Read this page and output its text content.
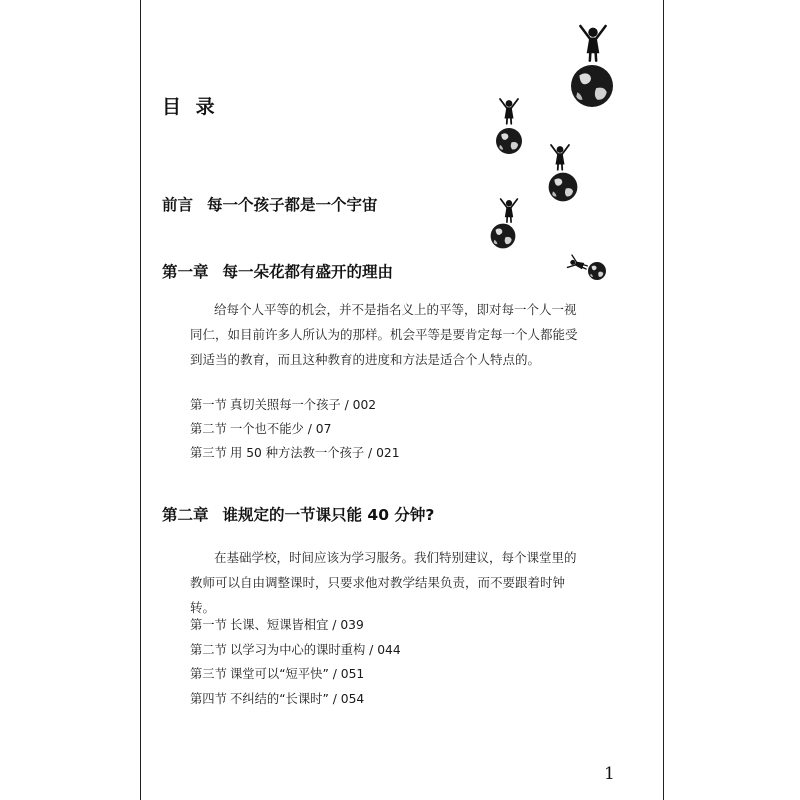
目 录
前言 每一个孩子都是一个宇宙
第一章 每一朵花都有盛开的理由
给每个人平等的机会，并不是指名义上的平等，即对每一个人一视同仁，如目前许多人所认为的那样。机会平等是要肯定每一个人都能受到适当的教育，而且这种教育的进度和方法是适合个人特点的。
第一节 真切关照每一个孩子 / 002
第二节 一个也不能少 / 07
第三节 用 50 种方法教一个孩子 / 021
第二章 谁规定的一节课只能 40 分钟?
在基础学校，时间应该为学习服务。我们特别建议，每个课堂里的教师可以自由调整课时，只要求他对教学结果负责，而不要跟着时钟转。
第一节 长课、短课皆相宜 / 039
第二节 以学习为中心的课时重构 / 044
第三节 课堂可以“短平快” / 051
第四节 不纠结的“长课时” / 054
1
